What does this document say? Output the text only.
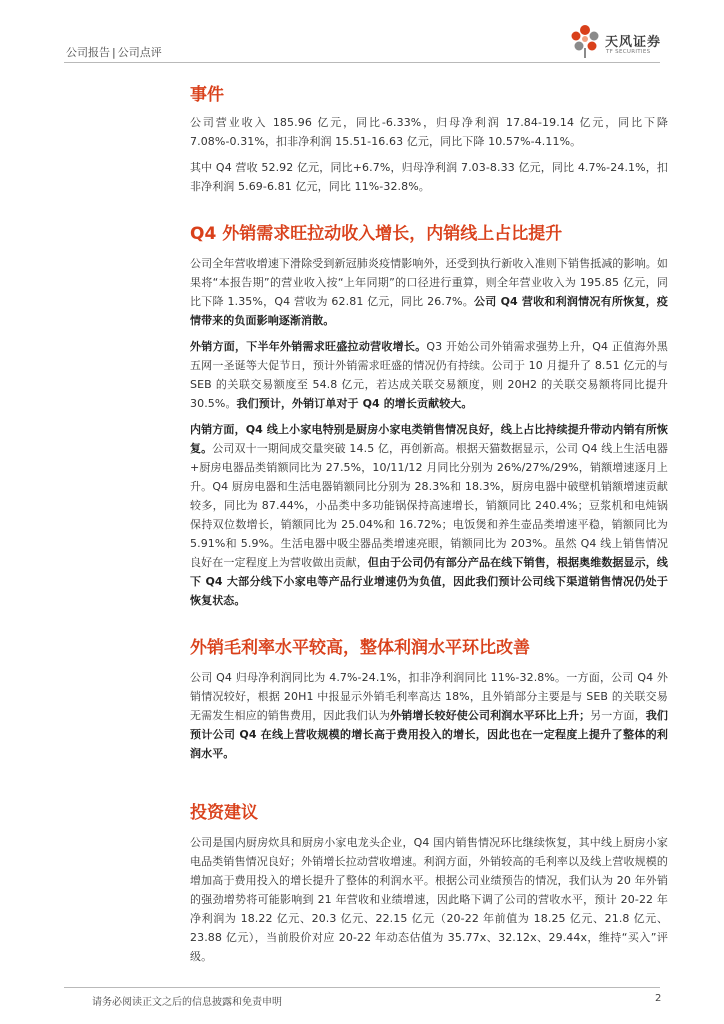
公司报告 | 公司点评
天风证券
TF SECURITIES
事件

公司营业收入 185.96 亿元，同比-6.33%，归母净利润 17.84-19.14 亿元，同比下降 7.08%-0.31%，扣非净利润 15.51-16.63 亿元，同比下降 10.57%-4.11%。

其中 Q4 营收 52.92 亿元，同比+6.7%，归母净利润 7.03-8.33 亿元，同比 4.7%-24.1%，扣非净利润 5.69-6.81 亿元，同比 11%-32.8%。

Q4 外销需求旺拉动收入增长，内销线上占比提升

公司全年营收增速下滑除受到新冠肺炎疫情影响外，还受到执行新收入准则下销售抵减的影响。如果将“本报告期”的营业收入按“上年同期”的口径进行重算，则全年营业收入为 195.85 亿元，同比下降 1.35%，Q4 营收为 62.81 亿元，同比 26.7%。公司 Q4 营收和利润情况有所恢复，疫情带来的负面影响逐渐消散。

外销方面，下半年外销需求旺盛拉动营收增长。Q3 开始公司外销需求强势上升，Q4 正值海外黑五网一圣诞等大促节日，预计外销需求旺盛的情况仍有持续。公司于 10 月提升了 8.51 亿元的与 SEB 的关联交易额度至 54.8 亿元，若达成关联交易额度，则 20H2 的关联交易额将同比提升 30.5%。我们预计，外销订单对于 Q4 的增长贡献较大。

内销方面，Q4 线上小家电特别是厨房小家电类销售情况良好，线上占比持续提升带动内销有所恢复。公司双十一期间成交量突破 14.5 亿，再创新高。根据天猫数据显示，公司 Q4 线上生活电器+厨房电器品类销额同比为 27.5%，10/11/12 月同比分别为 26%/27%/29%，销额增速逐月上升。Q4 厨房电器和生活电器销额同比分别为 28.3%和 18.3%，厨房电器中破壁机销额增速贡献较多，同比为 87.44%，小品类中多功能锅保持高速增长，销额同比 240.4%；豆浆机和电炖锅保持双位数增长，销额同比为 25.04%和 16.72%；电饭煲和养生壶品类增速平稳，销额同比为 5.91%和 5.9%。生活电器中吸尘器品类增速亮眼，销额同比为 203%。虽然 Q4 线上销售情况良好在一定程度上为营收做出贡献，但由于公司仍有部分产品在线下销售，根据奥维数据显示，线下 Q4 大部分线下小家电等产品行业增速仍为负值，因此我们预计公司线下渠道销售情况仍处于恢复状态。

外销毛利率水平较高，整体利润水平环比改善

公司 Q4 归母净利润同比为 4.7%-24.1%，扣非净利润同比 11%-32.8%。一方面，公司 Q4 外销情况较好，根据 20H1 中报显示外销毛利率高达 18%，且外销部分主要是与 SEB 的关联交易无需发生相应的销售费用，因此我们认为外销增长较好使公司利润水平环比上升；另一方面，我们预计公司 Q4 在线上营收规模的增长高于费用投入的增长，因此也在一定程度上提升了整体的利润水平。

投资建议

公司是国内厨房炊具和厨房小家电龙头企业，Q4 国内销售情况环比继续恢复，其中线上厨房小家电品类销售情况良好；外销增长拉动营收增速。利润方面，外销较高的毛利率以及线上营收规模的增加高于费用投入的增长提升了整体的利润水平。根据公司业绩预告的情况，我们认为 20 年外销的强劲增势将可能影响到 21 年营收和业绩增速，因此略下调了公司的营收水平，预计 20-22 年净利润为 18.22 亿元、20.3 亿元、22.15 亿元（20-22 年前值为 18.25 亿元、21.8 亿元、23.88 亿元），当前股价对应 20-22 年动态估值为 35.77x、32.12x、29.44x，维持“买入”评级。

请务必阅读正文之后的信息披露和免责申明	2
